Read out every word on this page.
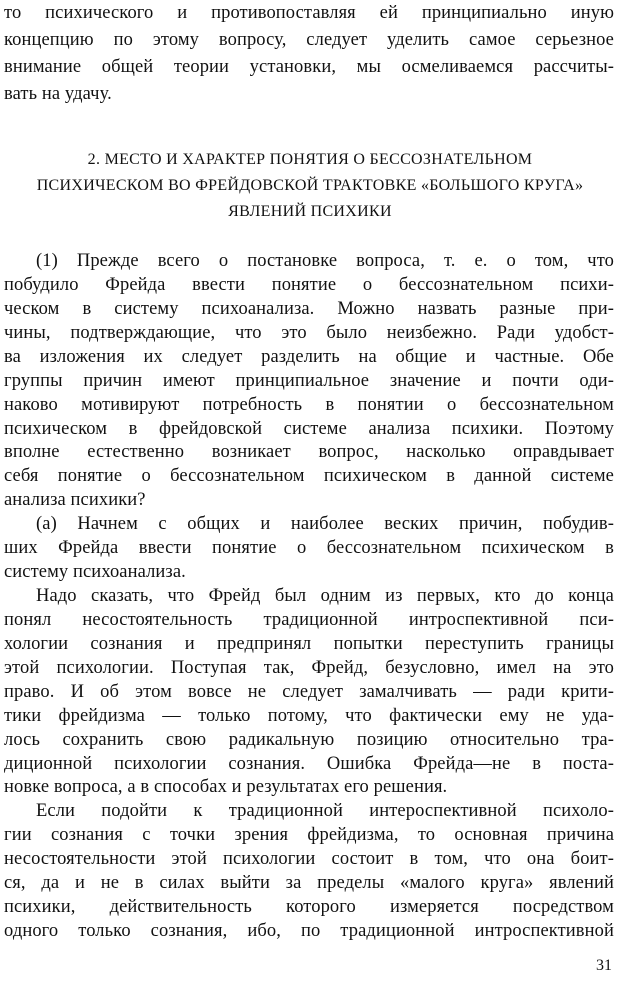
то психического и противопоставляя ей принципиально иную
концепцию по этому вопросу, следует уделить самое серьезное
внимание общей теории установки, мы осмеливаемся рассчиты-
вать на удачу.
2. МЕСТО И ХАРАКТЕР ПОНЯТИЯ О БЕССОЗНАТЕЛЬНОМ
ПСИХИЧЕСКОМ ВО ФРЕЙДОВСКОЙ ТРАКТОВКЕ «БОЛЬШОГО КРУГА»
ЯВЛЕНИЙ ПСИХИКИ
(1) Прежде всего о постановке вопроса, т. е. о том, что
побудило Фрейда ввести понятие о бессознательном психи-
ческом в систему психоанализа. Можно назвать разные при-
чины, подтверждающие, что это было неизбежно. Ради удобст-
ва изложения их следует разделить на общие и частные. Обе
группы причин имеют принципиальное значение и почти оди-
наково мотивируют потребность в понятии о бессознательном
психическом в фрейдовской системе анализа психики. Поэтому
вполне естественно возникает вопрос, насколько оправдывает
себя понятие о бессознательном психическом в данной системе
анализа психики?
(а) Начнем с общих и наиболее веских причин, побудив-
ших Фрейда ввести понятие о бессознательном психическом в
систему психоанализа.
Надо сказать, что Фрейд был одним из первых, кто до конца
понял несостоятельность традиционной интроспективной пси-
хологии сознания и предпринял попытки переступить границы
этой психологии. Поступая так, Фрейд, безусловно, имел на это
право. И об этом вовсе не следует замалчивать — ради крити-
тики фрейдизма — только потому, что фактически ему не уда-
лось сохранить свою радикальную позицию относительно тра-
диционной психологии сознания. Ошибка Фрейда—не в поста-
новке вопроса, а в способах и результатах его решения.
Если подойти к традиционной интероспективной психоло-
гии сознания с точки зрения фрейдизма, то основная причина
несостоятельности этой психологии состоит в том, что она боит-
ся, да и не в силах выйти за пределы «малого круга» явлений
психики, действительность которого измеряется посредством
одного только сознания, ибо, по традиционной интроспективной
31
